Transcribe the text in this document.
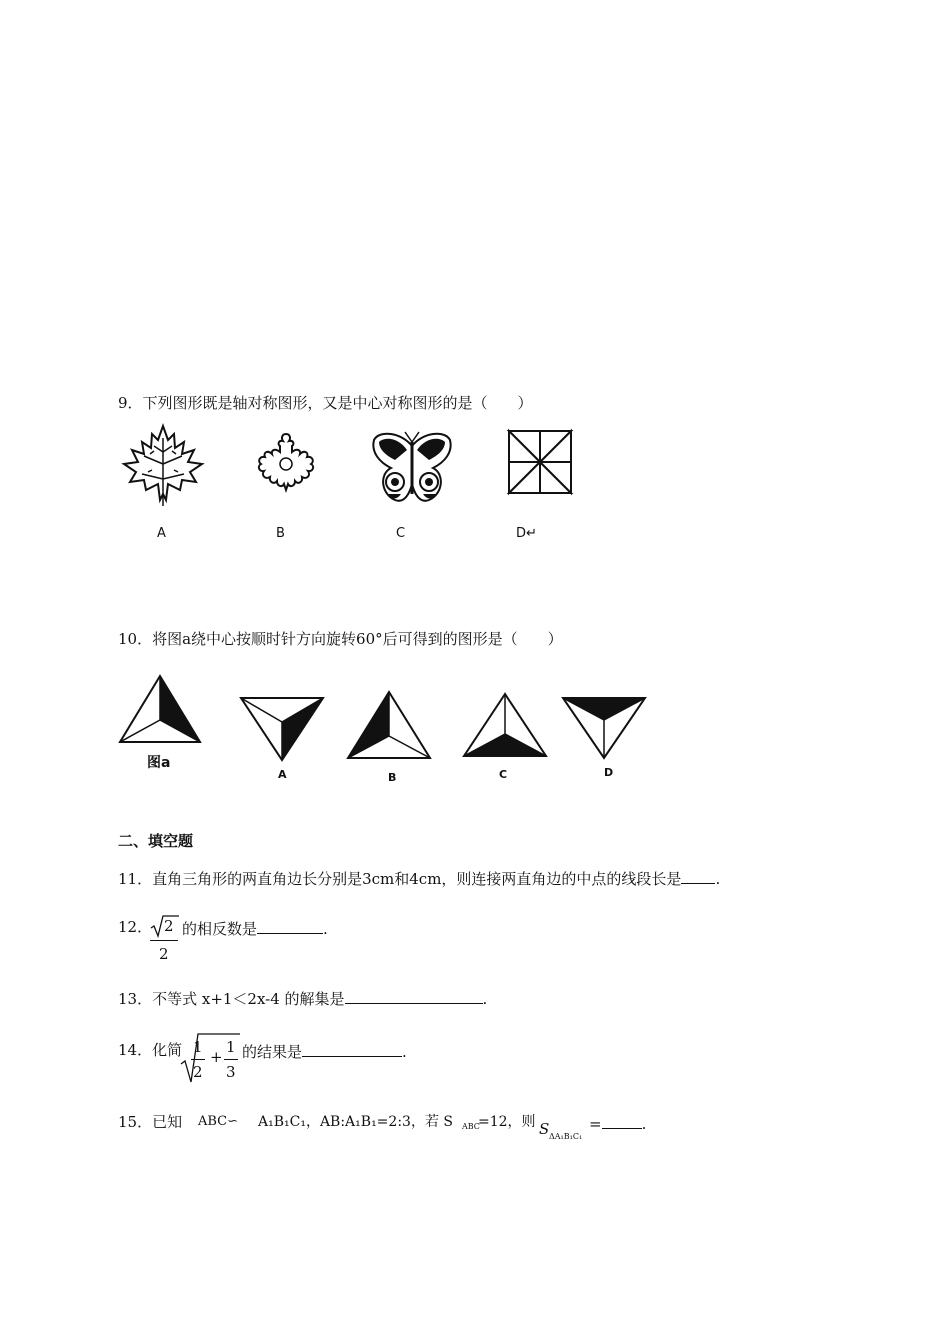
9．下列图形既是轴对称图形，又是中心对称图形的是（　　）
A	B	C	D↵
10．将图a绕中心按顺时针方向旋转60°后可得到的图形是（　　）
图a
A	B	C	D
二、填空题
11．直角三角形的两直角边长分别是3cm和4cm，则连接两直角边的中点的线段长是 .
12． 2
2
的相反数是	.
13．不等式 x+1＜2x-4 的解集是	.
14．化简 1
2
+
1
3
的结果是	.
15．已知 ABC∽ A₁B₁C₁，AB:A₁B₁=2:3，若 S ABC
=12，则 S ΔA₁B₁C₁
=	.
